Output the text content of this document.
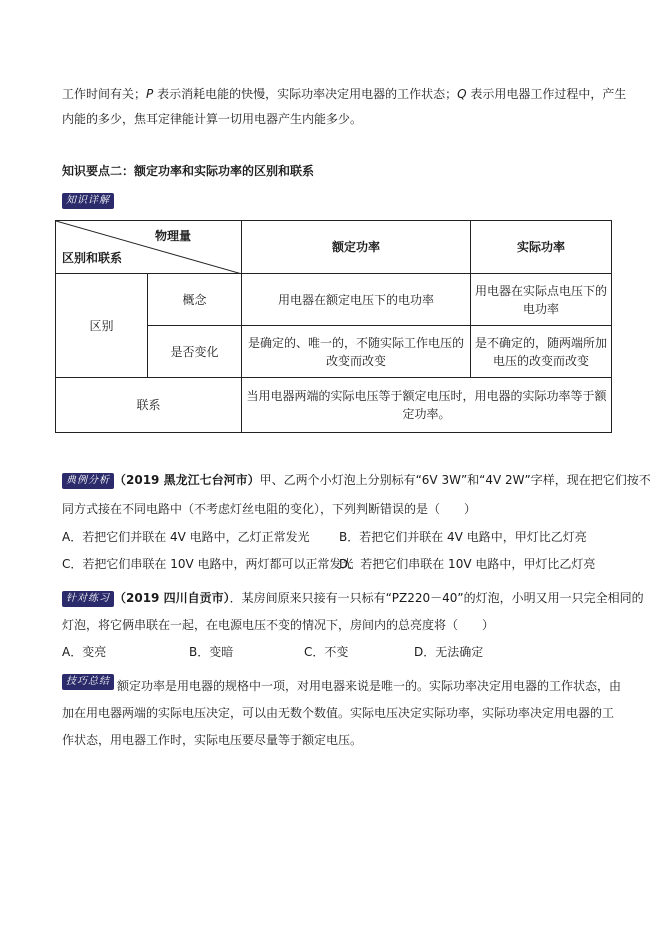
工作时间有关；P 表示消耗电能的快慢，实际功率决定用电器的工作状态；Q 表示用电器工作过程中，产生
内能的多少，焦耳定律能计算一切用电器产生内能多少。
知识要点二：额定功率和实际功率的区别和联系
知识详解
物理量
区别和联系		额定功率	实际功率
区别	概念	用电器在额定电压下的电功率	用电器在实际点电压下的电功率
	是否变化	是确定的、唯一的，不随实际工作电压的改变而改变	是不确定的，随两端所加电压的改变而改变
联系		当用电器两端的实际电压等于额定电压时，用电器的实际功率等于额定功率。	
典例分析 （2019 黑龙江七台河市）甲、乙两个小灯泡上分别标有“6V 3W”和“4V 2W”字样，现在把它们按不
同方式接在不同电路中（不考虑灯丝电阻的变化），下列判断错误的是（　　）
A．若把它们并联在 4V 电路中，乙灯正常发光 B．若把它们并联在 4V 电路中，甲灯比乙灯亮
C．若把它们串联在 10V 电路中，两灯都可以正常发光
D．若把它们串联在 10V 电路中，甲灯比乙灯亮
针对练习 （2019 四川自贡市）．某房间原来只接有一只标有“PZ220－40”的灯泡，小明又用一只完全相同的
灯泡，将它俩串联在一起，在电源电压不变的情况下，房间内的总亮度将（　　）
A．变亮	B．变暗	C．不变	D．无法确定
技巧总结 额定功率是用电器的规格中一项，对用电器来说是唯一的。实际功率决定用电器的工作状态，由
加在用电器两端的实际电压决定，可以由无数个数值。实际电压决定实际功率，实际功率决定用电器的工
作状态，用电器工作时，实际电压要尽量等于额定电压。
